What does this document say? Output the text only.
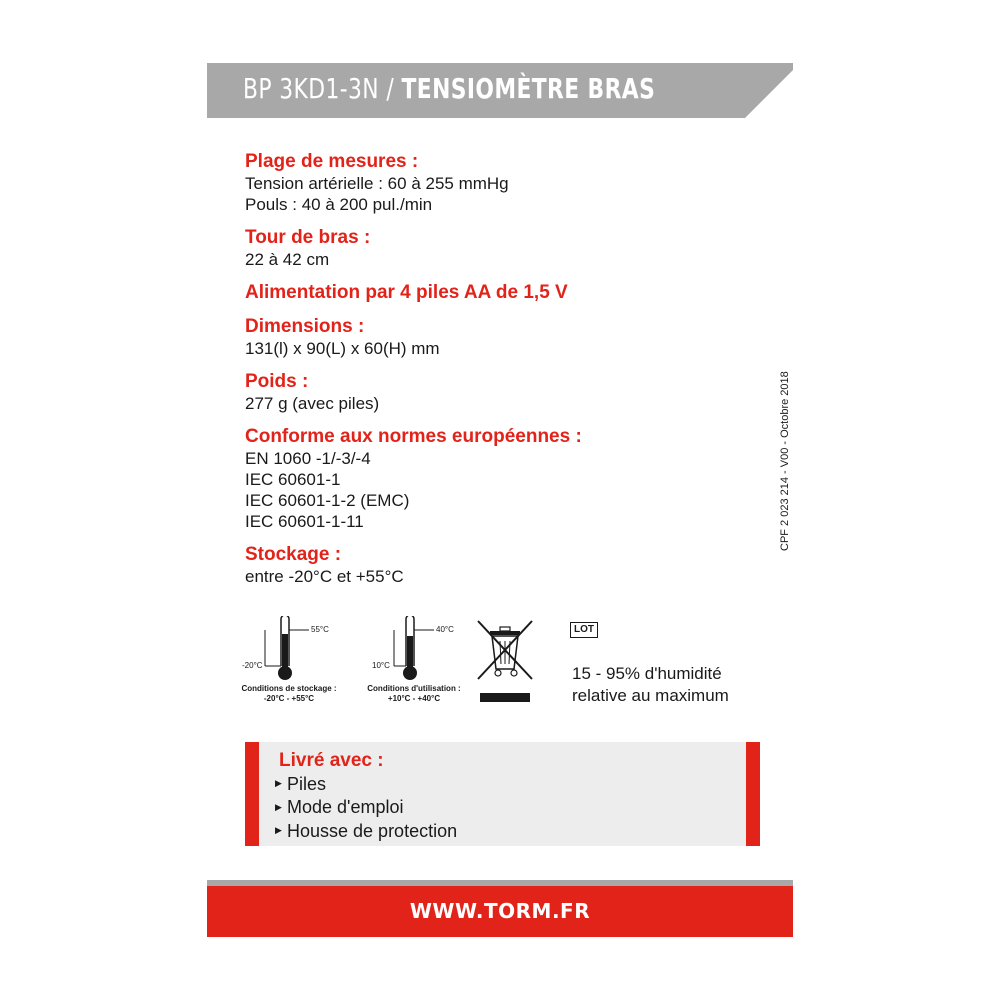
BP 3KD1-3N / TENSIOMÈTRE BRAS
Plage de mesures :
Tension artérielle : 60 à 255 mmHg
Pouls : 40 à 200 pul./min
Tour de bras :
22 à 42 cm
Alimentation par 4 piles AA de 1,5 V
Dimensions :
131(l) x 90(L) x 60(H) mm
Poids :
277 g (avec piles)
Conforme aux normes européennes :
EN 1060 -1/-3/-4
IEC 60601-1
IEC 60601-1-2 (EMC)
IEC 60601-1-11
Stockage :
entre -20°C et +55°C
CPF 2 023 214 - V00 - Octobre 2018
55°C
-20°C
Conditions de stockage :
-20°C - +55°C
40°C
10°C
Conditions d'utilisation :
+10°C - +40°C
LOT
15 - 95% d'humidité
relative au maximum
Livré avec :
▶ Piles
▶ Mode d'emploi
▶ Housse de protection
WWW.TORM.FR
